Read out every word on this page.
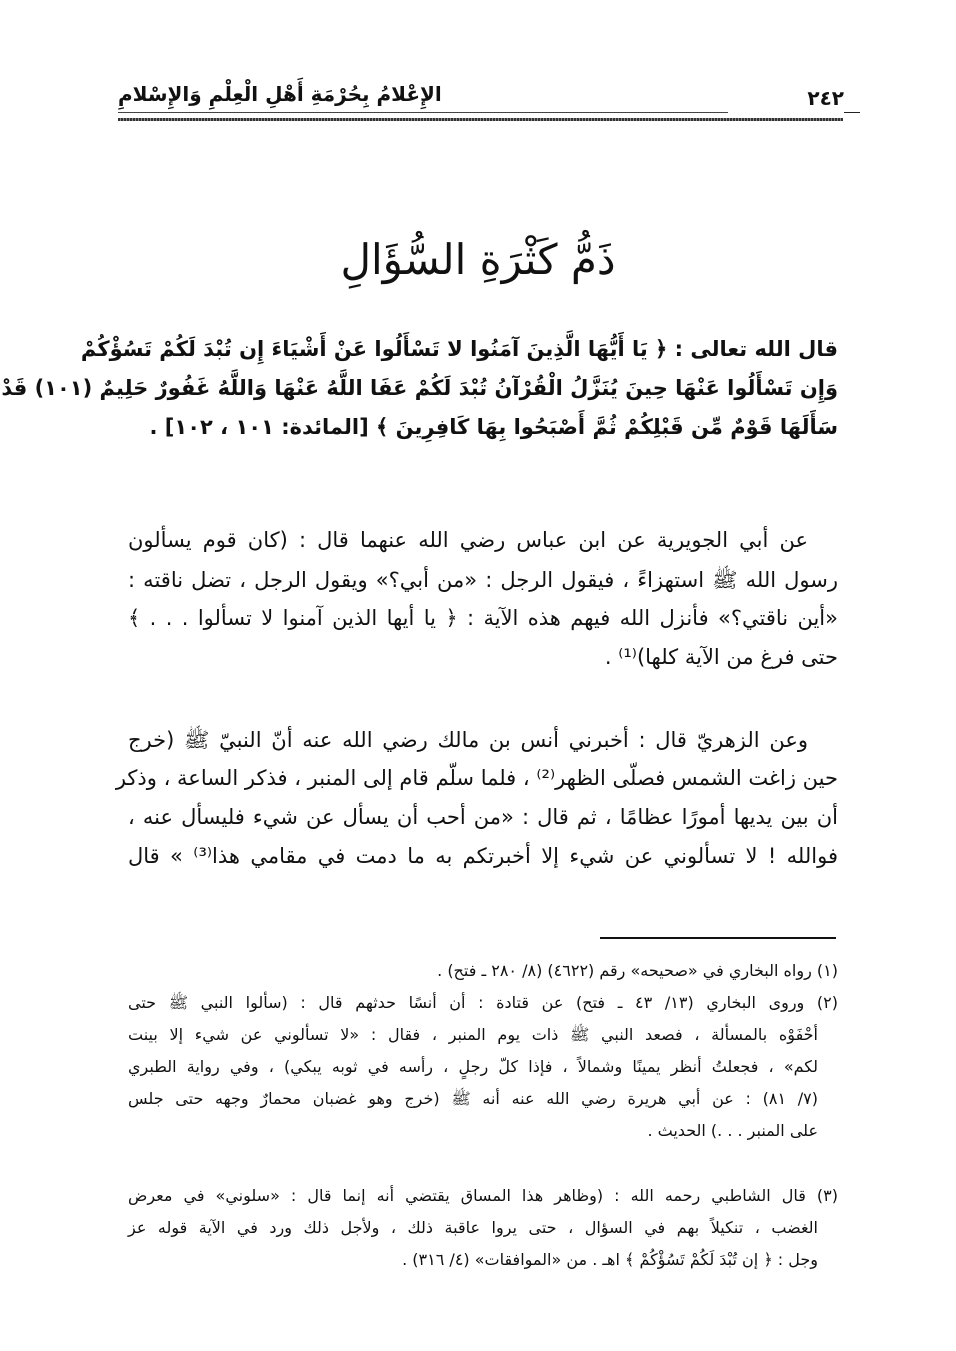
الإِعْلامُ بِحُرْمَةِ أَهْلِ الْعِلْمِ وَالإِسْلامِ	٢٤٢
ذَمُّ كَثْرَةِ السُّؤَالِ
قال الله تعالى : ﴿ يَا أَيُّهَا الَّذِينَ آمَنُوا لا تَسْأَلُوا عَنْ أَشْيَاءَ إِن تُبْدَ لَكُمْ تَسُؤْكُمْ
وَإِن تَسْأَلُوا عَنْهَا حِينَ يُنَزَّلُ الْقُرْآنُ تُبْدَ لَكُمْ عَفَا اللَّهُ عَنْهَا وَاللَّهُ غَفُورٌ حَلِيمٌ (١٠١) قَدْ
سَأَلَهَا قَوْمٌ مِّن قَبْلِكُمْ ثُمَّ أَصْبَحُوا بِهَا كَافِرِينَ ﴾ [المائدة: ١٠١ ، ١٠٢] .
عن أبي الجويرية عن ابن عباس رضي الله عنهما قال : (كان قوم يسألون
رسول الله ﷺ استهزاءً ، فيقول الرجل : «من أبي؟» ويقول الرجل ، تضل ناقته :
«أين ناقتي؟» فأنزل الله فيهم هذه الآية : ﴿ يا أيها الذين آمنوا لا تسألوا . . . ﴾
حتى فرغ من الآية كلها)⁽¹⁾ .
وعن الزهريّ قال : أخبرني أنس بن مالك رضي الله عنه أنّ النبيّ ﷺ (خرج
حين زاغت الشمس فصلّى الظهر⁽²⁾ ، فلما سلّم قام إلى المنبر ، فذكر الساعة ، وذكر
أن بين يديها أمورًا عظامًا ، ثم قال : «من أحب أن يسأل عن شيء فليسأل عنه ،
فوالله ! لا تسألوني عن شيء إلا أخبرتكم به ما دمت في مقامي هذا⁽³⁾ » قال
(١) رواه البخاري في «صحيحه» رقم (٤٦٢٢) (٨/ ٢٨٠ ـ فتح) .
(٢) وروى البخاري (١٣/ ٤٣ ـ فتح) عن قتادة : أن أنسًا حدثهم قال : (سألوا النبي ﷺ حتى
أحْفَوْه بالمسألة ، فصعد النبي ﷺ ذات يوم المنبر ، فقال : «لا تسألوني عن شيء إلا بينت
لكم» ، فجعلتُ أنظر يمينًا وشمالاً ، فإذا كلّ رجلٍ ، رأسه في ثوبه يبكي) ، وفي رواية الطبري
(٧/ ٨١) : عن أبي هريرة رضي الله عنه أنه ﷺ (خرج وهو غضبان محمارٌ وجهه حتى جلس
على المنبر . . .) الحديث .
(٣) قال الشاطبي رحمه الله : (وظاهر هذا المساق يقتضي أنه إنما قال : «سلوني» في معرض
الغضب ، تنكيلاً بهم في السؤال ، حتى يروا عاقبة ذلك ، ولأجل ذلك ورد في الآية قوله عز
وجل : ﴿ إن تُبْدَ لَكُمْ تَسُؤْكُمْ ﴾ اهـ . من «الموافقات» (٤/ ٣١٦) .
